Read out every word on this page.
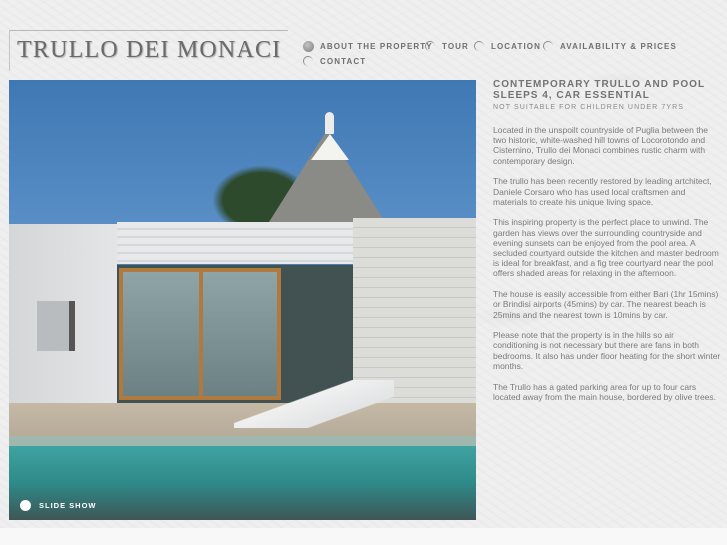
TRULLO DEI MONACI	ABOUT THE PROPERTY TOUR	LOCATION AVAILABILITY & PRICES
CONTACT
SLIDE SHOW

CONTEMPORARY TRULLO AND POOL

SLEEPS 4, CAR ESSENTIAL

NOT SUITABLE FOR CHILDREN UNDER 7YRS

Located in the unspoilt countryside of Puglia between the two historic, white-washed hill towns of Locorotondo and Cisternino, Trullo dei Monaci combines rustic charm with contemporary design.

The trullo has been recently restored by leading artchitect, Daniele Corsaro who has used local craftsmen and materials to create his unique living space.

This inspiring property is the perfect place to unwind. The garden has views over the surrounding countryside and evening sunsets can be enjoyed from the pool area. A secluded courtyard outside the kitchen and master bedroom is ideal for breakfast, and a fig tree courtyard near the pool offers shaded areas for relaxing in the afternoon.

The house is easily accessible from either Bari (1hr 15mins) or Brindisi airports (45mins) by car. The nearest beach is 25mins and the nearest town is 10mins by car.

Please note that the property is in the hills so air conditioning is not necessary but there are fans in both bedrooms. It also has under floor heating for the short winter months.

The Trullo has a gated parking area for up to four cars located away from the main house, bordered by olive trees.
